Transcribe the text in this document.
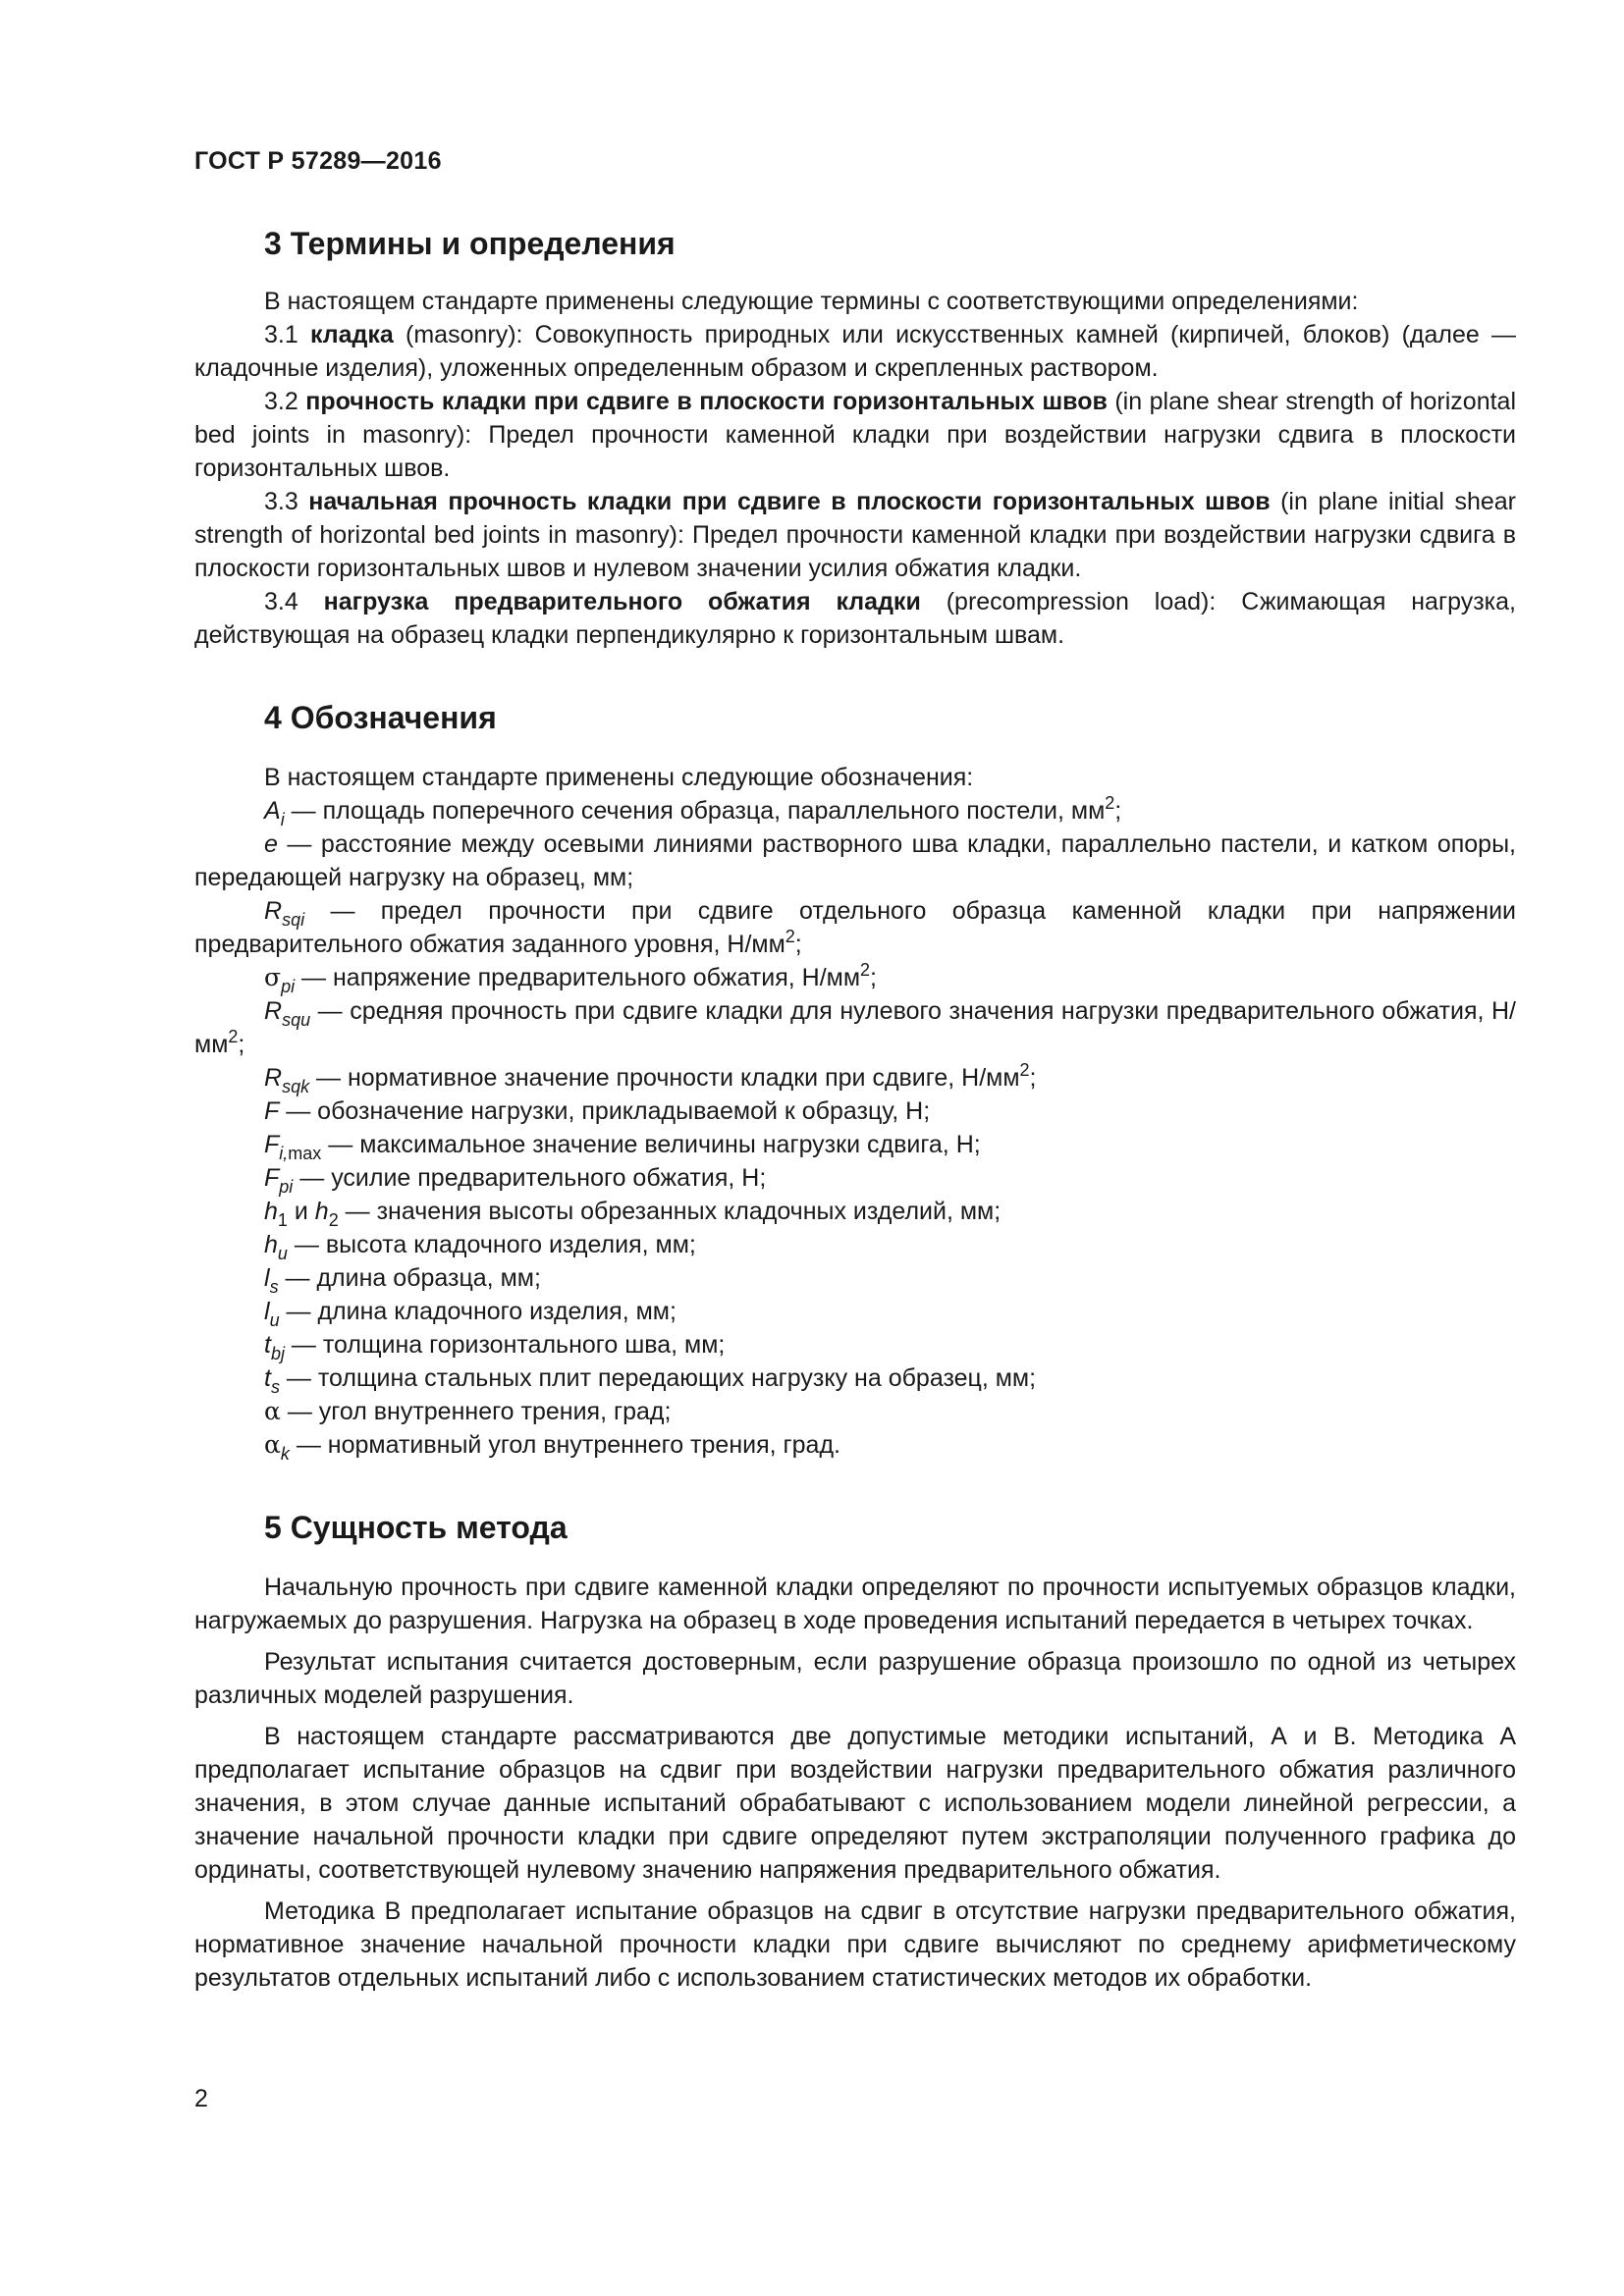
ГОСТ Р 57289—2016
3 Термины и определения

В настоящем стандарте применены следующие термины с соответствующими определениями:

3.1 кладка (masonry): Совокупность природных или искусственных камней (кирпичей, блоков) (далее — кладочные изделия), уложенных определенным образом и скрепленных раствором.

3.2 прочность кладки при сдвиге в плоскости горизонтальных швов (in plane shear strength of horizontal bed joints in masonry): Предел прочности каменной кладки при воздействии нагрузки сдвига в плоскости горизонтальных швов.

3.3 начальная прочность кладки при сдвиге в плоскости горизонтальных швов (in plane initial shear strength of horizontal bed joints in masonry): Предел прочности каменной кладки при воздействии нагрузки сдвига в плоскости горизонтальных швов и нулевом значении усилия обжатия кладки.

3.4 нагрузка предварительного обжатия кладки (precompression load): Сжимающая нагрузка, действующая на образец кладки перпендикулярно к горизонтальным швам.

4 Обозначения

В настоящем стандарте применены следующие обозначения:

$A_i$ — площадь поперечного сечения образца, параллельного постели, $мм^2$;

e — расстояние между осевыми линиями растворного шва кладки, параллельно пастели, и катком опоры, передающей нагрузку на образец, мм;

$R_{sqi}$ — предел прочности при сдвиге отдельного образца каменной кладки при напряжении предварительного обжатия заданного уровня, $Н/мм^2$;

$\sigma_{pi}$ — напряжение предварительного обжатия, $Н/мм^2$;

$R_{squ}$ — средняя прочность при сдвиге кладки для нулевого значения нагрузки предварительного обжатия, $Н/мм^2$;

$R_{sqk}$ — нормативное значение прочности кладки при сдвиге, $Н/мм^2$;

F — обозначение нагрузки, прикладываемой к образцу, Н;

$F_{i,max}$ — максимальное значение величины нагрузки сдвига, Н;

$F_{pi}$ — усилие предварительного обжатия, Н;

$h_1$ и $h_2$ — значения высоты обрезанных кладочных изделий, мм;

$h_u$ — высота кладочного изделия, мм;

$l_s$ — длина образца, мм;

$l_u$ — длина кладочного изделия, мм;

$t_{bj}$ — толщина горизонтального шва, мм;

$t_s$ — толщина стальных плит передающих нагрузку на образец, мм;

α — угол внутреннего трения, град;

$\alpha_k$ — нормативный угол внутреннего трения, град.

5 Сущность метода

Начальную прочность при сдвиге каменной кладки определяют по прочности испытуемых образцов кладки, нагружаемых до разрушения. Нагрузка на образец в ходе проведения испытаний передается в четырех точках.

Результат испытания считается достоверным, если разрушение образца произошло по одной из четырех различных моделей разрушения.

В настоящем стандарте рассматриваются две допустимые методики испытаний, А и В. Методика А предполагает испытание образцов на сдвиг при воздействии нагрузки предварительного обжатия различного значения, в этом случае данные испытаний обрабатывают с использованием модели линейной регрессии, а значение начальной прочности кладки при сдвиге определяют путем экстраполяции полученного графика до ординаты, соответствующей нулевому значению напряжения предварительного обжатия.

Методика В предполагает испытание образцов на сдвиг в отсутствие нагрузки предварительного обжатия, нормативное значение начальной прочности кладки при сдвиге вычисляют по среднему арифметическому результатов отдельных испытаний либо с использованием статистических методов их обработки.

2
